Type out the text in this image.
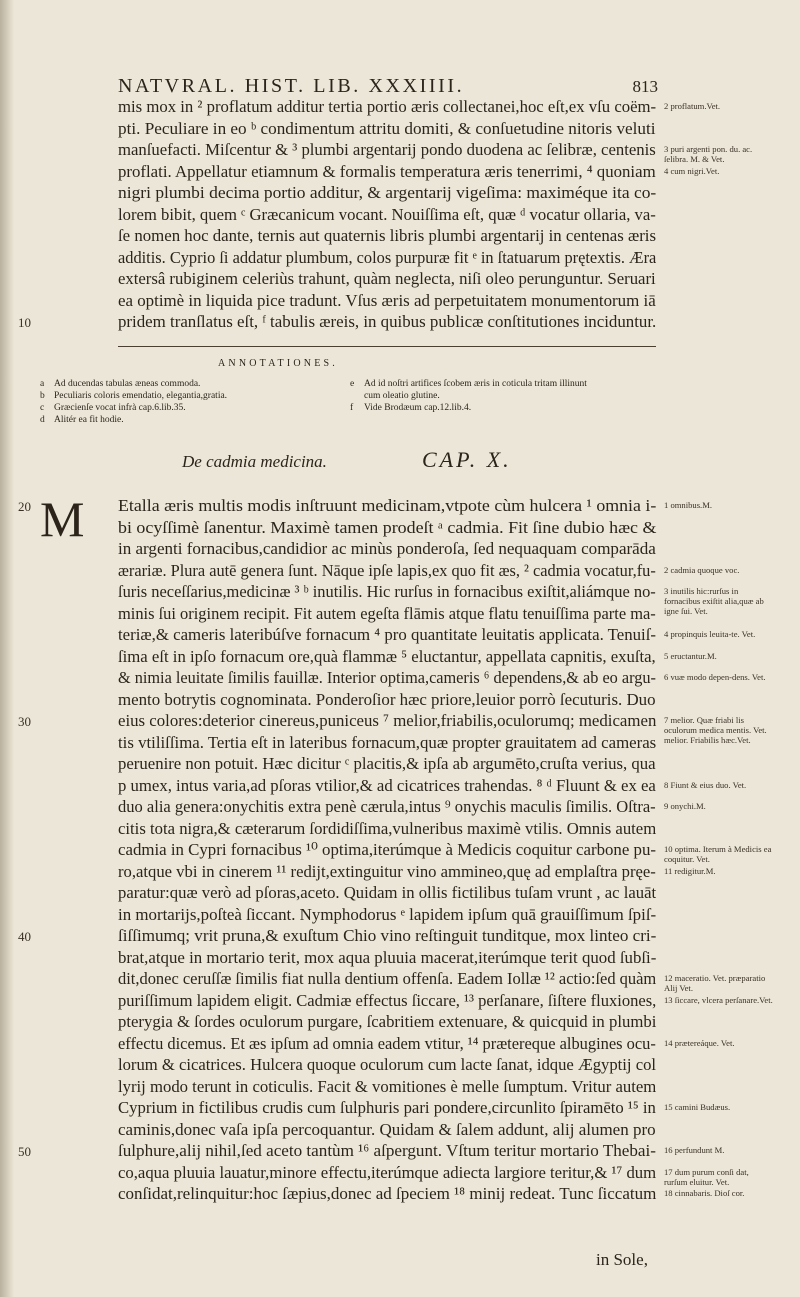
NATVRAL. HIST. LIB. XXXIIII.	813
mis mox in ² proflatum additur tertia portio æris collectanei,hoc eſt,ex vſu coëm-
pti. Peculiare in eo ᵇ condimentum attritu domiti, & conſuetudine nitoris veluti
manſuefacti. Miſcentur & ³ plumbi argentarij pondo duodena ac ſelibræ, centenis
proflati. Appellatur etiamnum & formalis temperatura æris tenerrimi, ⁴ quoniam
nigri plumbi decima portio additur, & argentarij vigeſima: maximéque ita co-
lorem bibit, quem ᶜ Græcanicum vocant. Nouiſſima eſt, quæ ᵈ vocatur ollaria, va-
ſe nomen hoc dante, ternis aut quaternis libris plumbi argentarij in centenas æris
additis. Cyprio ſi addatur plumbum, colos purpuræ fit ᵉ in ſtatuarum prętextis. Æra
extersâ rubiginem celeriùs trahunt, quàm neglecta, niſi oleo perunguntur. Seruari
ea optimè in liquida pice tradunt. Vſus æris ad perpetuitatem monumentorum iā
pridem tranſlatus eſt, ᶠ tabulis æreis, in quibus publicæ conſtitutiones inciduntur.
10
2 proflatum.Vet.
3 puri argenti pon. du. ac. ſelibra. M. & Vet.
4 cum nigri.Vet.
ANNOTATIONES.
a Ad ducendas tabulas æneas commoda.
b Peculiaris coloris emendatio, elegantia,gratia.
c Græcienſe vocat infrà cap.6.lib.35.
d Alitér ea fit hodie.
e Ad id noſtri artifices ſcobem æris in coticula tritam illinunt
cum oleatio glutine.
f Vide Brodæum cap.12.lib.4.
De cadmia medicina.	CAP. X.
M Etalla æris multis modis inſtruunt medicinam,vtpote cùm hulcera ¹ omnia i-
bi ocyſſimè ſanentur. Maximè tamen prodeſt ᵃ cadmia. Fit ſine dubio hæc &
in argenti fornacibus,candidior ac minùs ponderoſa, ſed nequaquam comparāda
ærariæ. Plura autē genera ſunt. Nāque ipſe lapis,ex quo fit æs, ² cadmia vocatur,fu-
ſuris neceſſarius,medicinæ ³ ᵇ inutilis. Hic rurſus in fornacibus exiſtit,aliámque no-
minis ſui originem recipit. Fit autem egeſta flāmis atque flatu tenuiſſima parte ma-
teriæ,& cameris lateribúſve fornacum ⁴ pro quantitate leuitatis applicata. Tenuiſ-
ſima eſt in ipſo fornacum ore,quà flammæ ⁵ eluctantur, appellata capnitis, exuſta,
& nimia leuitate ſimilis fauillæ. Interior optima,cameris ⁶ dependens,& ab eo argu-
mento botrytis cognominata. Ponderoſior hæc priore,leuior porrò ſecuturis. Duo
eius colores:deterior cinereus,puniceus ⁷ melior,friabilis,oculorumq; medicamen
tis vtiliſſima. Tertia eſt in lateribus fornacum,quæ propter grauitatem ad cameras
peruenire non potuit. Hæc dicitur ᶜ placitis,& ipſa ab argumēto,cruſta verius, qua
p umex, intus varia,ad pſoras vtilior,& ad cicatrices trahendas. ⁸ ᵈ Fluunt & ex ea
duo alia genera:onychitis extra penè cærula,intus ⁹ onychis maculis ſimilis. Oſtra-
citis tota nigra,& cæterarum ſordidiſſima,vulneribus maximè vtilis. Omnis autem
cadmia in Cypri fornacibus ¹⁰ optima,iterúmque à Medicis coquitur carbone pu-
ro,atque vbi in cinerem ¹¹ redijt,extinguitur vino ammineo,quę ad emplaſtra pręe-
paratur:quæ verò ad pſoras,aceto. Quidam in ollis fictilibus tuſam vrunt , ac lauāt
in mortarijs,poſteà ſiccant. Nymphodorus ᵉ lapidem ipſum quā grauiſſimum ſpiſ-
ſiſſimumq; vrit pruna,& exuſtum Chio vino reſtinguit tunditque, mox linteo cri-
brat,atque in mortario terit, mox aqua pluuia macerat,iterúmque terit quod ſubſi-
dit,donec ceruſſæ ſimilis fiat nulla dentium offenſa. Eadem Iollæ ¹² actio:ſed quàm
puriſſimum lapidem eligit. Cadmiæ effectus ſiccare, ¹³ perſanare, ſiſtere fluxiones,
pterygia & ſordes oculorum purgare, ſcabritiem extenuare, & quicquid in plumbi
effectu dicemus. Et æs ipſum ad omnia eadem vtitur, ¹⁴ prætereque albugines ocu-
lorum & cicatrices. Hulcera quoque oculorum cum lacte ſanat, idque Ægyptij col
lyrij modo terunt in coticulis. Facit & vomitiones è melle ſumptum. Vritur autem
Cyprium in fictilibus crudis cum ſulphuris pari pondere,circunlito ſpiramēto ¹⁵ in
caminis,donec vaſa ipſa percoquantur. Quidam & ſalem addunt, alij alumen pro
ſulphure,alij nihil,ſed aceto tantùm ¹⁶ aſpergunt. Vſtum teritur mortario Thebai-
co,aqua pluuia lauatur,minore effectu,iterúmque adiecta largiore teritur,& ¹⁷ dum
conſidat,relinquitur:hoc ſæpius,donec ad ſpeciem ¹⁸ minij redeat. Tunc ſiccatum
20
30
40
50
1 omnibus.M.
2 cadmia quoque voc.
3 inutilis hic:rurſus in fornacibus exiſtit alia,quæ ab igne ſui. Vet.
4 propinquis leuita-te. Vet.
5 eructantur.M.
6 vuæ modo depen-dens. Vet.
7 melior. Quæ friabi lis oculorum medica mentis. Vet. melior. Friabilis hæc.Vet.
8 Fiunt & eius duo. Vet.
9 onychi.M.
10 optima. Iterum à Medicis ea coquitur. Vet.
11 redigitur.M.
12 maceratio. Vet. præparatio Alij Vet.
13 ſiccare, vlcera perſanare.Vet.
14 prætereáque. Vet.
15 camini Budæus.
16 perfundunt M.
17 dum purum conſi dat, rurſum eluitur. Vet.
18 cinnabaris. Dioſ cor.
in Sole,
